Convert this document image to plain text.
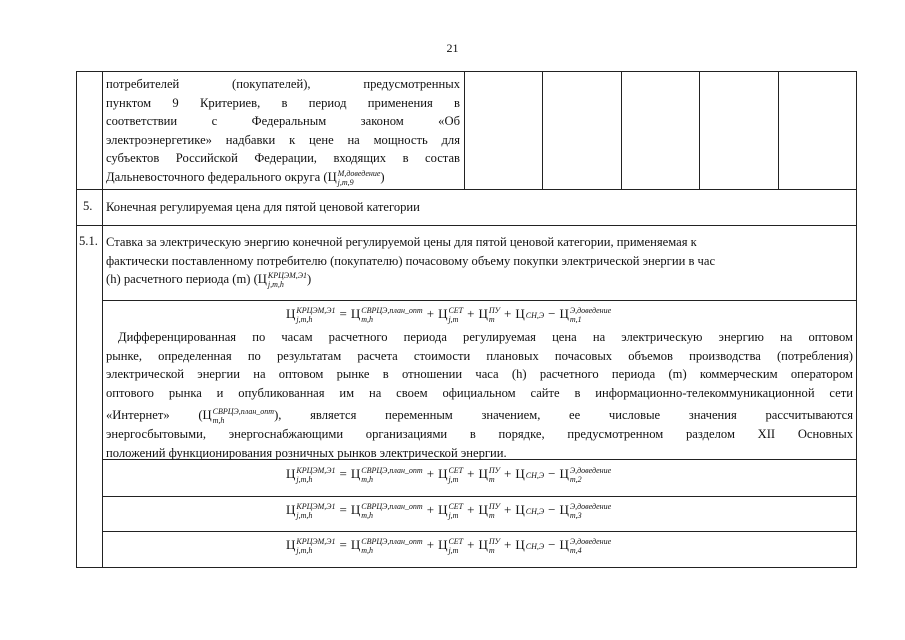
21
потребителей (покупателей), предусмотренных
пунктом 9 Критериев, в период применения в
соответствии с Федеральным законом «Об
электроэнергетике» надбавки к цене на мощность для
субъектов Российской Федерации, входящих в состав
Дальневосточного федерального округа (Ц М,доведение
j,m,9	)
5. Конечная регулируемая цена для пятой ценовой категории
5.1. Ставка за электрическую энергию конечной регулируемой цены для пятой ценовой категории, применяемая к
фактически поставленному потребителю (покупателю) почасовому объему покупки электрической энергии в час
(h) расчетного периода (m) (Ц КРЦЭМ,Э1
j,m,h	)
Ц КРЦЭМ,Э1
j,m,h	= Ц СВРЦЭ,план_опт
m,h	+ Ц СЕТ
j,m + Ц ПУ
m + Ц СН,Э − Ц Э,доведение
m,1
Дифференцированная по часам расчетного периода регулируемая цена на электрическую энергию на оптовом
рынке, определенная по результатам расчета стоимости плановых почасовых объемов производства (потребления)
электрической энергии на оптовом рынке в отношении часа (h) расчетного периода (m) коммерческим оператором
оптового рынка и опубликованная им на своем официальном сайте в информационно-телекоммуникационной сети
«Интернет» (Ц СВРЦЭ,план_опт
m,h	), является переменным значением, ее числовые значения рассчитываются
энергосбытовыми, энергоснабжающими организациями в порядке, предусмотренном разделом XII Основных
положений функционирования розничных рынков электрической энергии.
Ц КРЦЭМ,Э1
j,m,h	= Ц СВРЦЭ,план_опт
m,h	+ Ц СЕТ
j,m + Ц ПУ
m + Ц СН,Э − Ц Э,доведение
m,2
Ц КРЦЭМ,Э1
j,m,h	= Ц СВРЦЭ,план_опт
m,h	+ Ц СЕТ
j,m + Ц ПУ
m + Ц СН,Э − Ц Э,доведение
m,3
Ц КРЦЭМ,Э1
j,m,h	= Ц СВРЦЭ,план_опт
m,h	+ Ц СЕТ
j,m + Ц ПУ
m + Ц СН,Э − Ц Э,доведение
m,4
